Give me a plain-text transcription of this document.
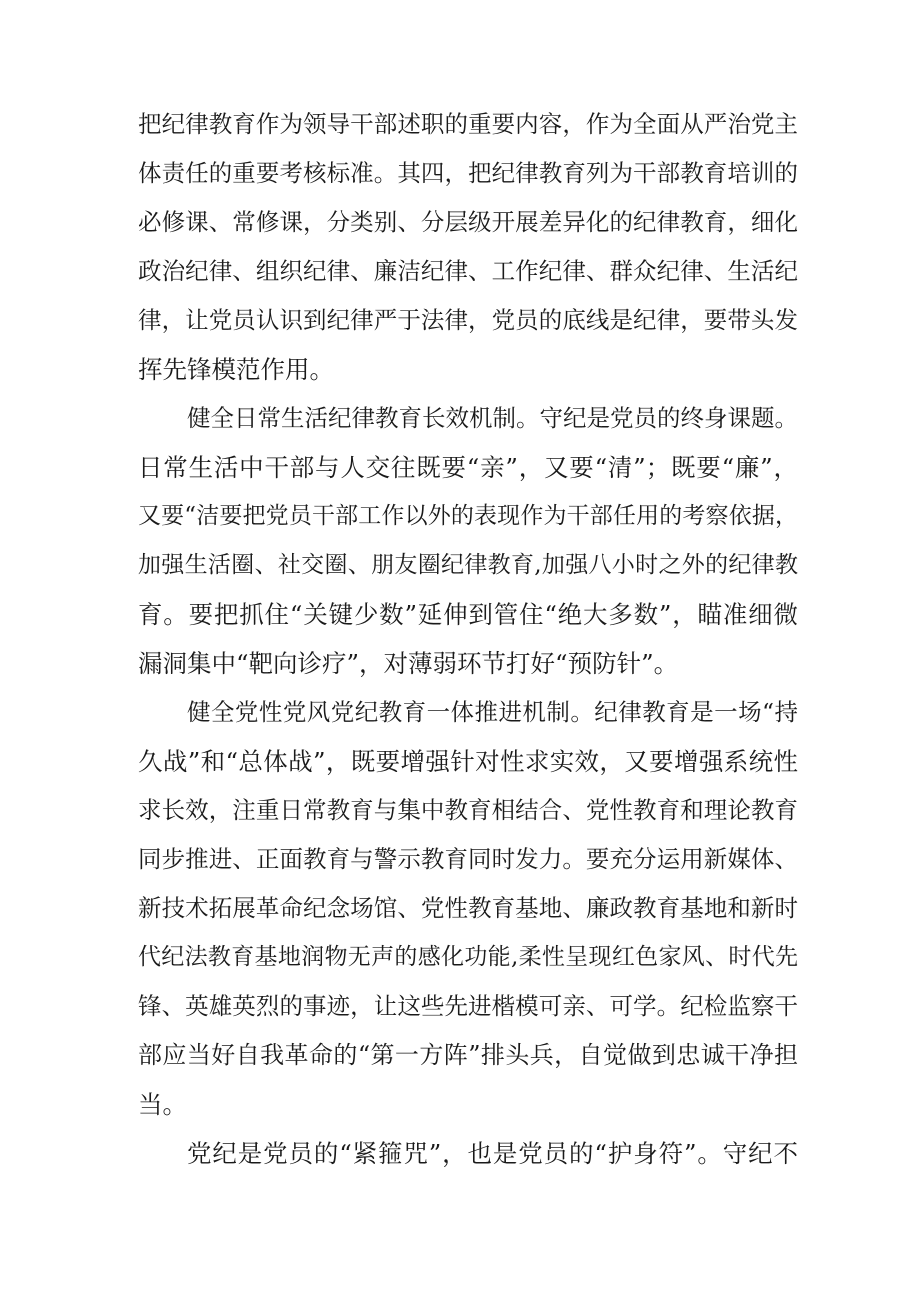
把纪律教育作为领导干部述职的重要内容，作为全面从严治党主
体责任的重要考核标准。其四，把纪律教育列为干部教育培训的
必修课、常修课，分类别、分层级开展差异化的纪律教育，细化
政治纪律、组织纪律、廉洁纪律、工作纪律、群众纪律、生活纪
律，让党员认识到纪律严于法律，党员的底线是纪律，要带头发
挥先锋模范作用。
健全日常生活纪律教育长效机制。守纪是党员的终身课题。
日常生活中干部与人交往既要“亲”，又要“清”；既要“廉”，
又要“洁要把党员干部工作以外的表现作为干部任用的考察依据，
加强生活圈、社交圈、朋友圈纪律教育,加强八小时之外的纪律教
育。要把抓住“关键少数”延伸到管住“绝大多数”，瞄准细微
漏洞集中“靶向诊疗”，对薄弱环节打好“预防针”。
健全党性党风党纪教育一体推进机制。纪律教育是一场“持
久战”和“总体战”，既要增强针对性求实效，又要增强系统性
求长效，注重日常教育与集中教育相结合、党性教育和理论教育
同步推进、正面教育与警示教育同时发力。要充分运用新媒体、
新技术拓展革命纪念场馆、党性教育基地、廉政教育基地和新时
代纪法教育基地润物无声的感化功能,柔性呈现红色家风、时代先
锋、英雄英烈的事迹，让这些先进楷模可亲、可学。纪检监察干
部应当好自我革命的“第一方阵”排头兵，自觉做到忠诚干净担
当。
党纪是党员的“紧箍咒”，也是党员的“护身符”。守纪不
